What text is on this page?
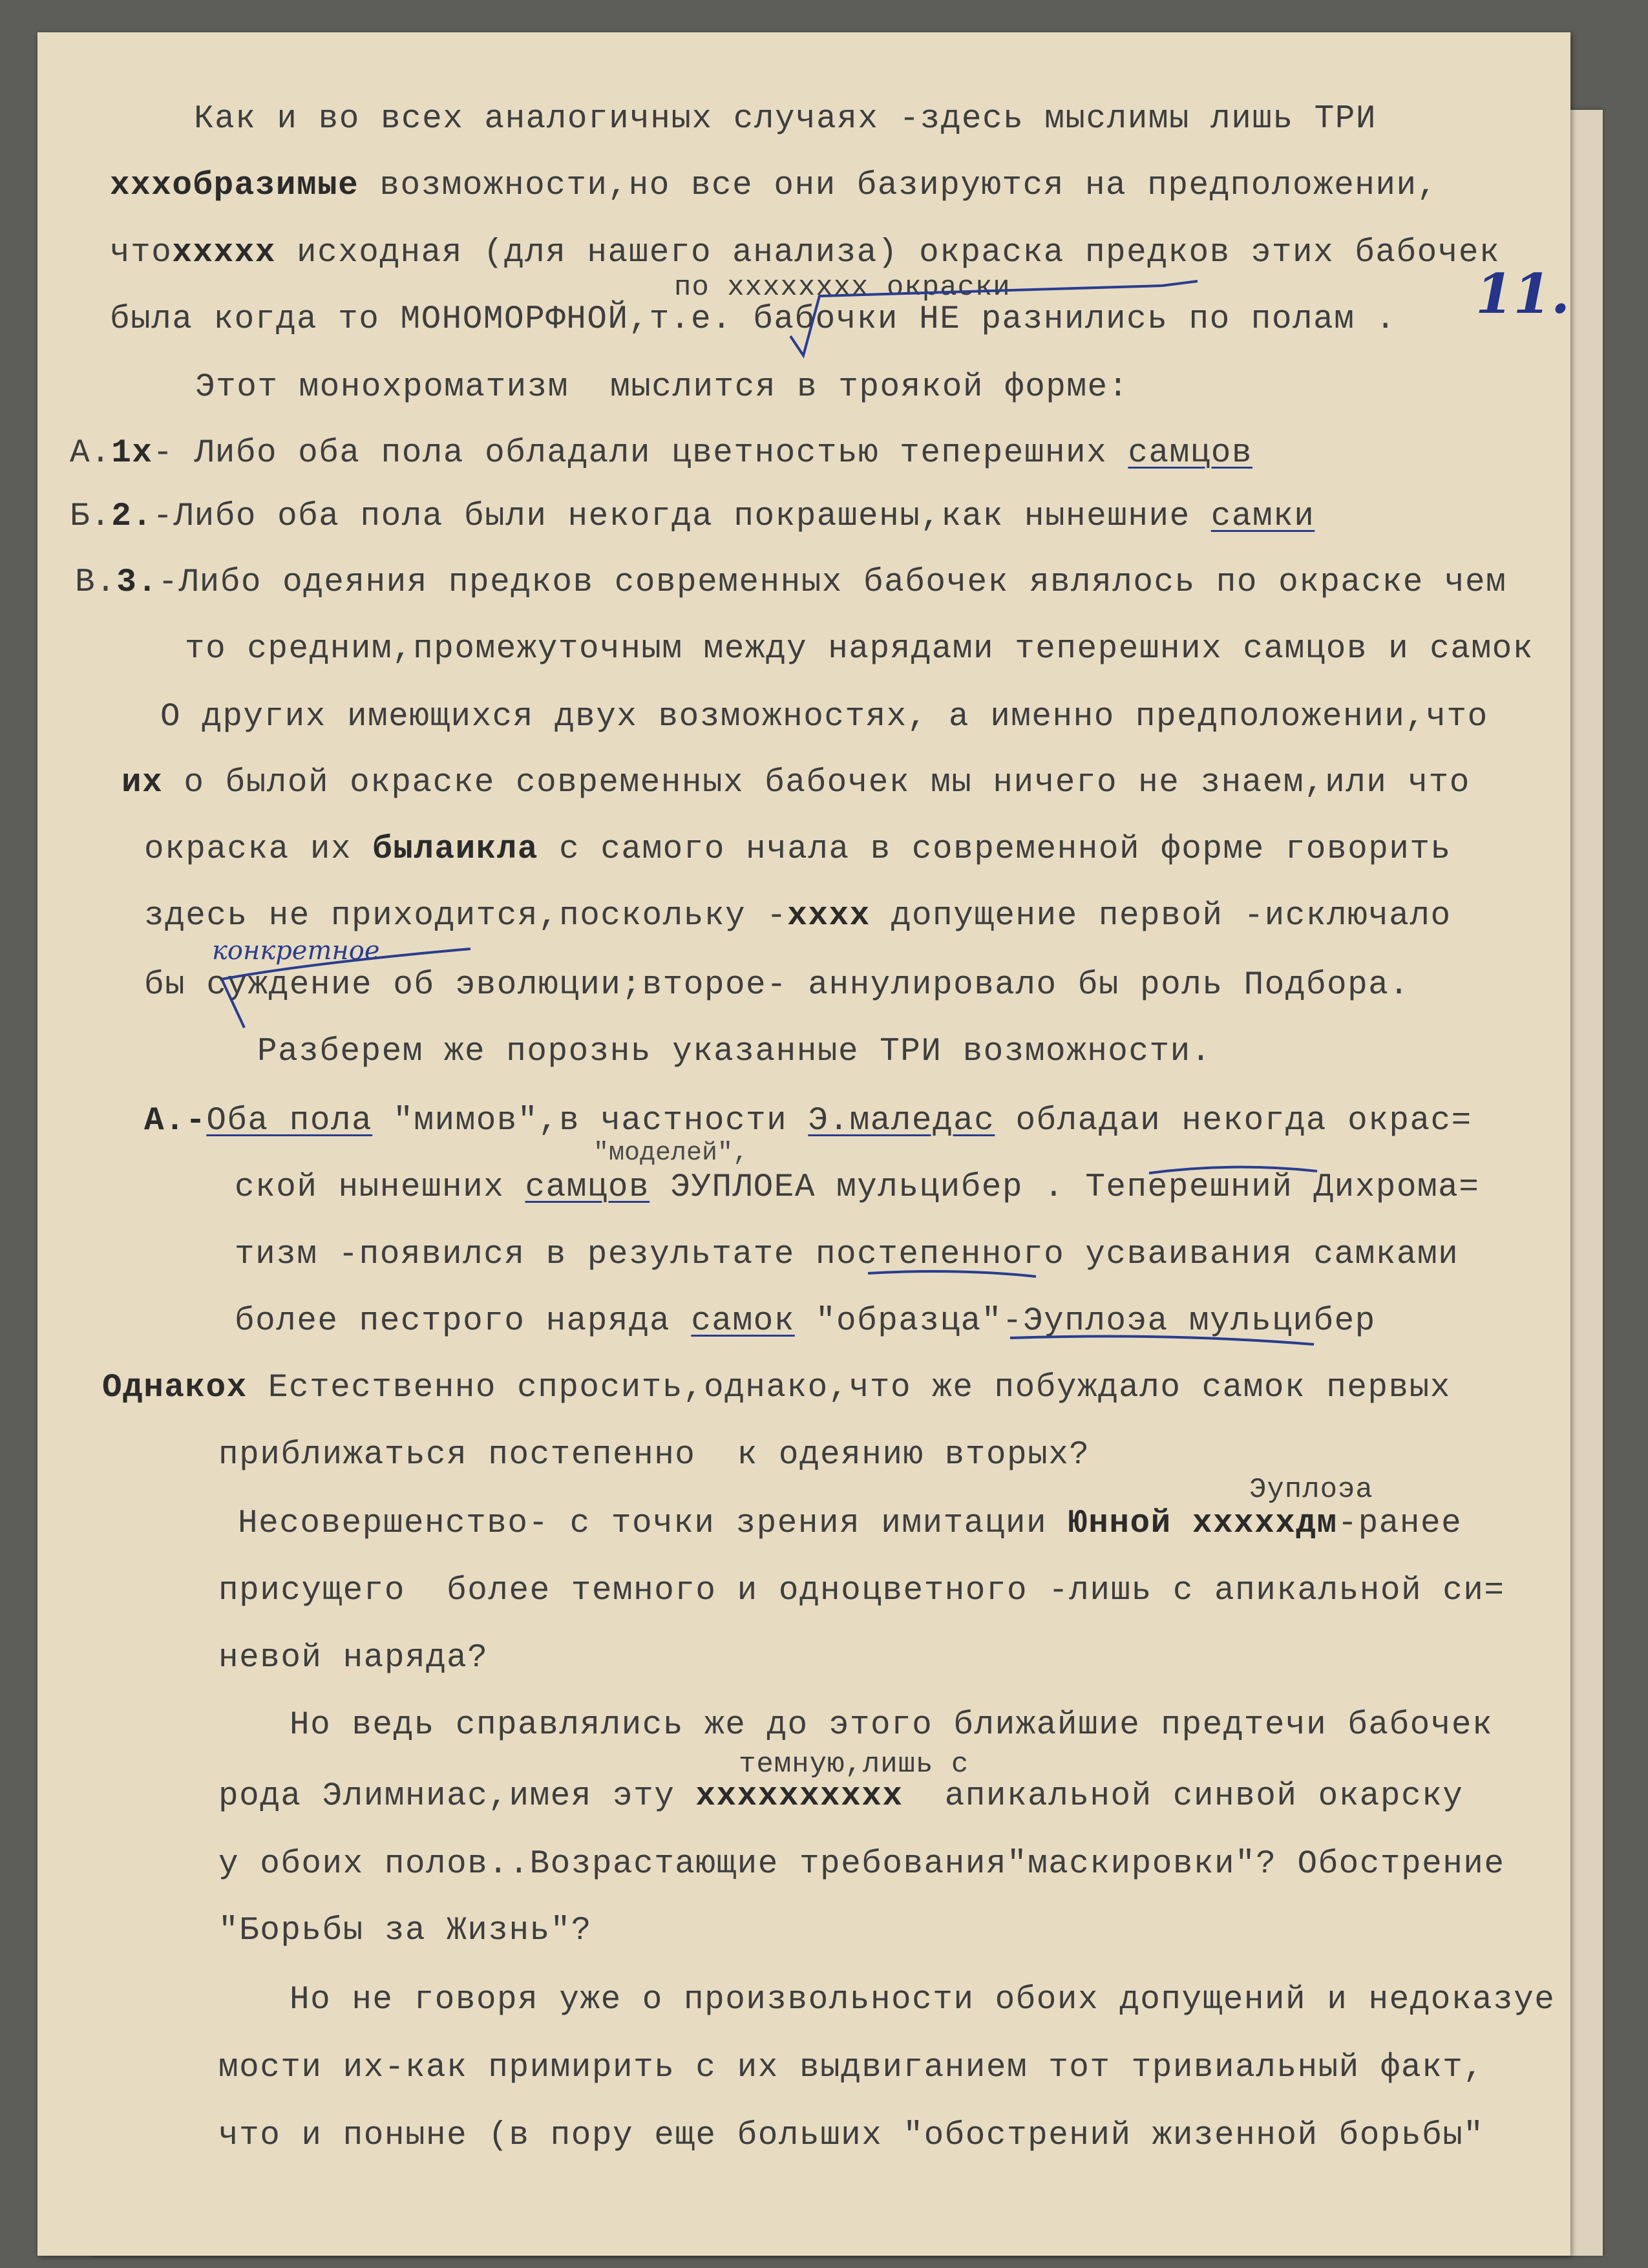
11.
Как и во всех аналогичных случаях -здесь мыслимы лишь ТРИ
хххобразимые возможности,но все они базируются на предположении,
чтоххххх исходная (для нашего анализа) окраска предков этих бабочек
по хххххххх окраски
была когда то МОНОМОРФНОЙ,т.е. бабочки НЕ разнились по полам .
Этот монохроматизм  мыслится в троякой форме:
А.1х- Либо оба пола обладали цветностью теперешних самцов
Б.2.-Либо оба пола были некогда покрашены,как нынешние самки
В.3.-Либо одеяния предков современных бабочек являлось по окраске чем
то средним,промежуточным между нарядами теперешних самцов и самок
О других имеющихся двух возможностях, а именно предположении,что
их о былой окраске современных бабочек мы ничего не знаем,или что
окраска их былаикла с самого нчала в современной форме говорить
здесь не приходится,поскольку -хххх допущение первой -исключало
конкретное
бы суждение об эволюции;второе- аннулировало бы роль Подбора.
Разберем же порознь указанные ТРИ возможности.
А.-Оба пола "мимов",в частности Э.маледас обладаи некогда окрас=
"моделей",
ской нынешних самцов ЭУПЛОЕА мульцибер . Теперешний Дихрома=
тизм -появился в результате постепенного усваивания самками
более пестрого наряда самок "образца"-Эуплоэа мульцибер
Однакох Естественно спросить,однако,что же побуждало самок первых
приближаться постепенно  к одеянию вторых?
Эуплоэа
Несовершенство- с точки зрения имитации Юнной хххххдм-ранее
присущего  более темного и одноцветного -лишь с апикальной си=
невой наряда?
Но ведь справлялись же до этого ближайшие предтечи бабочек
темную,лишь с
рода Элимниас,имея эту хххххххххх  апикальной синвой окарску
у обоих полов..Возрастающие требования"маскировки"? Обострение
"Борьбы за Жизнь"?
Но не говоря уже о произвольности обоих допущений и недоказуе
мости их-как примирить с их выдвиганием тот тривиальный факт,
что и поныне (в пору еще больших "обострений жизенной борьбы"
